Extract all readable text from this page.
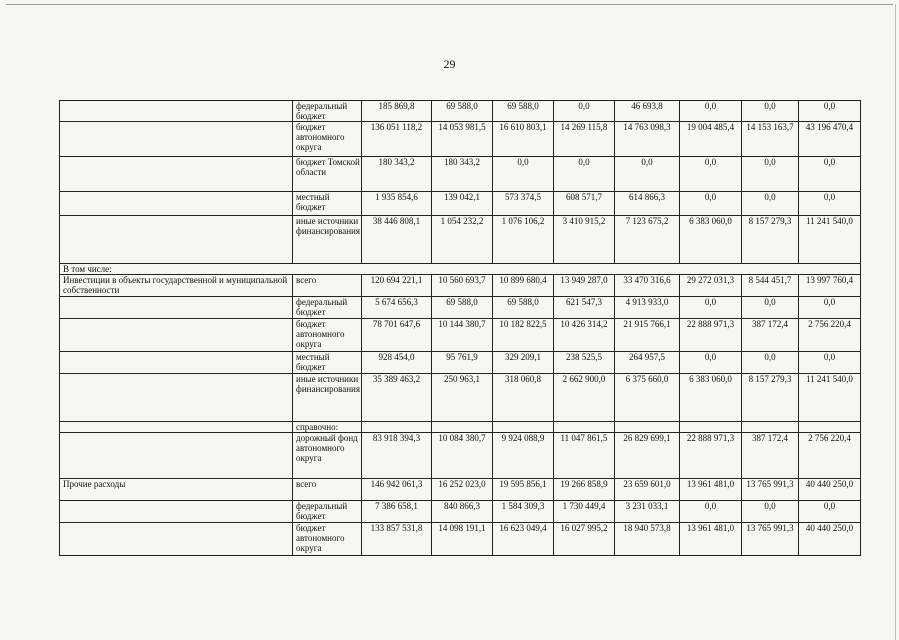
29
	федеральный бюджет	185 869,8	69 588,0	69 588,0	0,0	46 693,8	0,0	0,0	0,0
	бюджет автономного округа	136 051 118,2	14 053 981,5	16 610 803,1	14 269 115,8	14 763 098,3	19 004 485,4	14 153 163,7	43 196 470,4
	бюджет Томской области	180 343,2	180 343,2	0,0	0,0	0,0	0,0	0,0	0,0
	местный бюджет	1 935 854,6	139 042,1	573 374,5	608 571,7	614 866,3	0,0	0,0	0,0
	иные источники финансирования	38 446 808,1	1 054 232,2	1 076 106,2	3 410 915,2	7 123 675,2	6 383 060,0	8 157 279,3	11 241 540,0
В том числе:									
Инвестиции в объекты государственной и муниципальной собственности	всего	120 694 221,1	10 560 693,7	10 899 680,4	13 949 287,0	33 470 316,6	29 272 031,3	8 544 451,7	13 997 760,4
	федеральный бюджет	5 674 656,3	69 588,0	69 588,0	621 547,3	4 913 933,0	0,0	0,0	0,0
	бюджет автономного округа	78 701 647,6	10 144 380,7	10 182 822,5	10 426 314,2	21 915 766,1	22 888 971,3	387 172,4	2 756 220,4
	местный бюджет	928 454,0	95 761,9	329 209,1	238 525,5	264 957,5	0,0	0,0	0,0
	иные источники финансирования	35 389 463,2	250 963,1	318 060,8	2 662 900,0	6 375 660,0	6 383 060,0	8 157 279,3	11 241 540,0
	справочно:								
	дорожный фонд автономного округа	83 918 394,3	10 084 380,7	9 924 088,9	11 047 861,5	26 829 699,1	22 888 971,3	387 172,4	2 756 220,4
Прочие расходы	всего	146 942 061,3	16 252 023,0	19 595 856,1	19 266 858,9	23 659 601,0	13 961 481,0	13 765 991,3	40 440 250,0
	федеральный бюджет	7 386 658,1	840 866,3	1 584 309,3	1 730 449,4	3 231 033,1	0,0	0,0	0,0
	бюджет автономного округа	133 857 531,8	14 098 191,1	16 623 049,4	16 027 995,2	18 940 573,8	13 961 481,0	13 765 991,3	40 440 250,0
